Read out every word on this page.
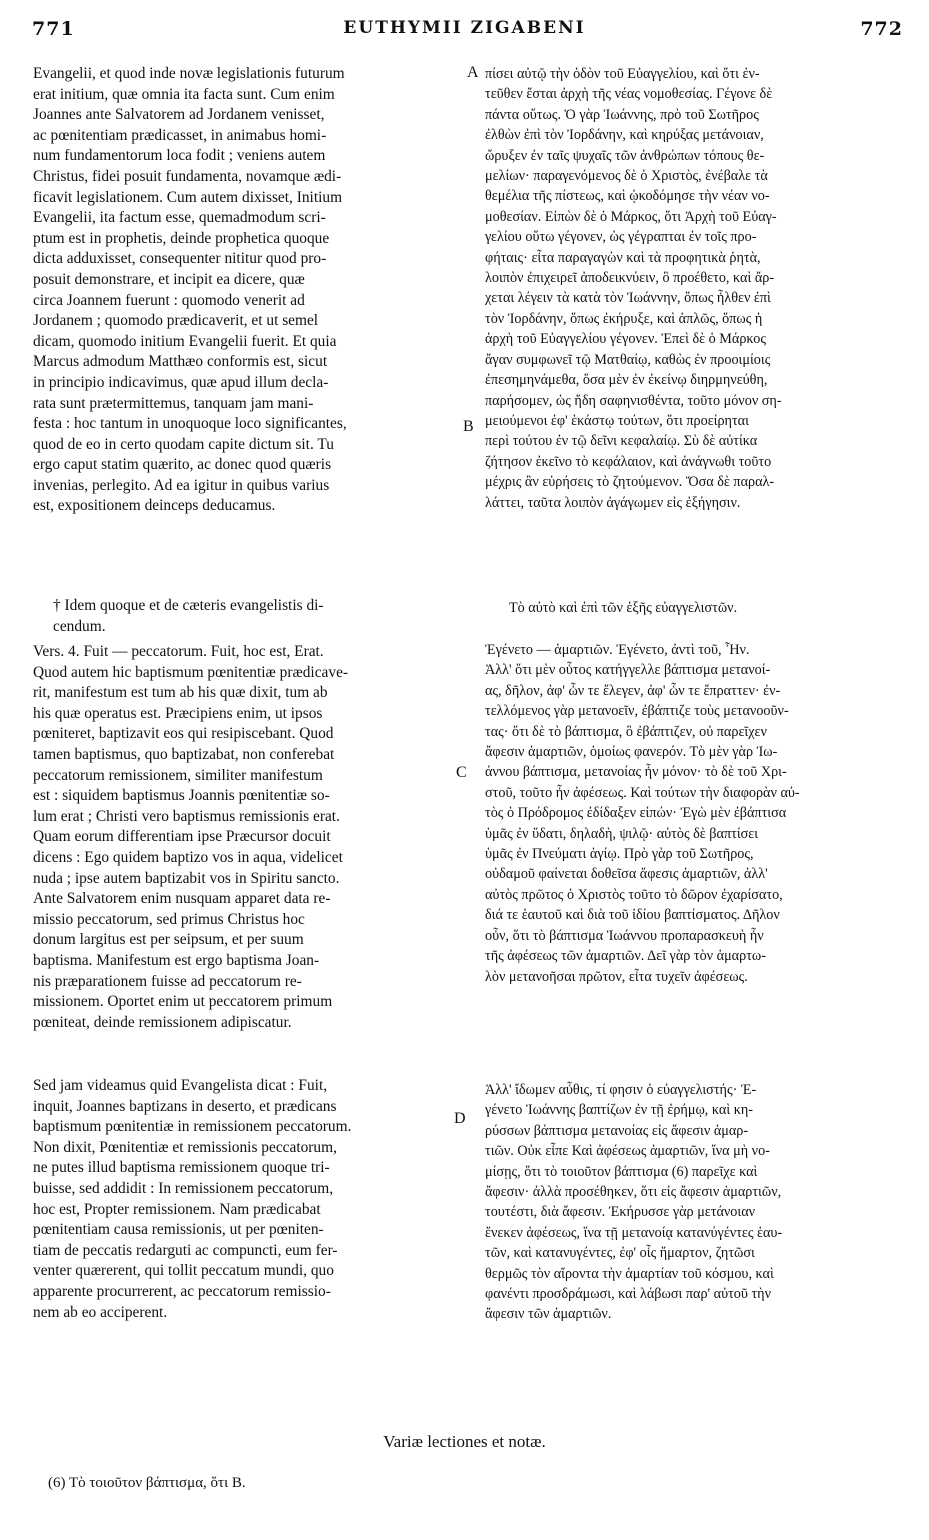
771	EUTHYMII ZIGABENI	772
Evangelii, et quod inde novæ legislationis futurum
erat initium, quæ omnia ita facta sunt. Cum enim
Joannes ante Salvatorem ad Jordanem venisset,
ac pœnitentiam prædicasset, in animabus homi-
num fundamentorum loca fodit ; veniens autem
Christus, fidei posuit fundamenta, novamque ædi-
ficavit legislationem. Cum autem dixisset, Initium
Evangelii, ita factum esse, quemadmodum scri-
ptum est in prophetis, deinde prophetica quoque
dicta adduxisset, consequenter nititur quod pro-
posuit demonstrare, et incipit ea dicere, quæ
circa Joannem fuerunt : quomodo venerit ad
Jordanem ; quomodo prædicaverit, et ut semel
dicam, quomodo initium Evangelii fuerit. Et quia
Marcus admodum Matthæo conformis est, sicut
in principio indicavimus, quæ apud illum decla-
rata sunt prætermittemus, tanquam jam mani-
festa : hoc tantum in unoquoque loco significantes,
quod de eo in certo quodam capite dictum sit. Tu
ergo caput statim quærito, ac donec quod quæris
invenias, perlegito. Ad ea igitur in quibus varius
est, expositionem deinceps deducamus.
† Idem quoque et de cæteris evangelistis di-
cendum.
Vers. 4. Fuit — peccatorum. Fuit, hoc est, Erat.
Quod autem hic baptismum pœnitentiæ prædicave-
rit, manifestum est tum ab his quæ dixit, tum ab
his quæ operatus est. Præcipiens enim, ut ipsos
pœniteret, baptizavit eos qui resipiscebant. Quod
tamen baptismus, quo baptizabat, non conferebat
peccatorum remissionem, similiter manifestum
est : siquidem baptismus Joannis pœnitentiæ so-
lum erat ; Christi vero baptismus remissionis erat.
Quam eorum differentiam ipse Præcursor docuit
dicens : Ego quidem baptizo vos in aqua, videlicet
nuda ; ipse autem baptizabit vos in Spiritu sancto.
Ante Salvatorem enim nusquam apparet data re-
missio peccatorum, sed primus Christus hoc
donum largitus est per seipsum, et per suum
baptisma. Manifestum est ergo baptisma Joan-
nis præparationem fuisse ad peccatorum re-
missionem. Oportet enim ut peccatorem primum
pœniteat, deinde remissionem adipiscatur.
Sed jam videamus quid Evangelista dicat : Fuit,
inquit, Joannes baptizans in deserto, et prædicans
baptismum pœnitentiæ in remissionem peccatorum.
Non dixit, Pœnitentiæ et remissionis peccatorum,
ne putes illud baptisma remissionem quoque tri-
buisse, sed addidit : In remissionem peccatorum,
hoc est, Propter remissionem. Nam prædicabat
pœnitentiam causa remissionis, ut per pœniten-
tiam de peccatis redarguti ac compuncti, eum fer-
venter quærerent, qui tollit peccatum mundi, quo
apparente procurrerent, ac peccatorum remissio-
nem ab eo acciperent.
πίσει αὐτῷ τὴν ὁδὸν τοῦ Εὐαγγελίου, καὶ ὅτι ἐν-
τεῦθεν ἔσται ἀρχὴ τῆς νέας νομοθεσίας. Γέγονε δὲ
πάντα οὕτως. Ὁ γὰρ Ἰωάννης, πρὸ τοῦ Σωτῆρος
ἐλθὼν ἐπὶ τὸν Ἰορδάνην, καὶ κηρύξας μετάνοιαν,
ὤρυξεν ἐν ταῖς ψυχαῖς τῶν ἀνθρώπων τόπους θε-
μελίων· παραγενόμενος δὲ ὁ Χριστὸς, ἐνέβαλε τὰ
θεμέλια τῆς πίστεως, καὶ ᾠκοδόμησε τὴν νέαν νο-
μοθεσίαν. Εἰπὼν δὲ ὁ Μάρκος, ὅτι Ἀρχὴ τοῦ Εὐαγ-
γελίου οὕτω γέγονεν, ὡς γέγραπται ἐν τοῖς προ-
φήταις· εἶτα παραγαγὼν καὶ τὰ προφητικὰ ῥητὰ,
λοιπὸν ἐπιχειρεῖ ἀποδεικνύειν, ὃ προέθετο, καὶ ἄρ-
χεται λέγειν τὰ κατὰ τὸν Ἰωάννην, ὅπως ἦλθεν ἐπὶ
τὸν Ἰορδάνην, ὅπως ἐκήρυξε, καὶ ἁπλῶς, ὅπως ἡ
ἀρχὴ τοῦ Εὐαγγελίου γέγονεν. Ἐπεὶ δὲ ὁ Μάρκος
ἄγαν συμφωνεῖ τῷ Ματθαίῳ, καθὼς ἐν προοιμίοις
ἐπεσημηνάμεθα, ὅσα μὲν ἐν ἐκείνῳ διηρμηνεύθη,
παρήσομεν, ὡς ἤδη σαφηνισθέντα, τοῦτο μόνον ση-
μειούμενοι ἐφ' ἑκάστῳ τούτων, ὅτι προείρηται
περὶ τούτου ἐν τῷ δεῖνι κεφαλαίῳ. Σὺ δὲ αὐτίκα
ζήτησον ἐκεῖνο τὸ κεφάλαιον, καὶ ἀνάγνωθι τοῦτο
μέχρις ἂν εὑρήσεις τὸ ζητούμενον. Ὅσα δὲ παραλ-
λάττει, ταῦτα λοιπὸν ἀγάγωμεν εἰς ἐξήγησιν.
Τὸ αὐτὸ καὶ ἐπὶ τῶν ἑξῆς εὐαγγελιστῶν.
Ἐγένετο — ἁμαρτιῶν. Ἐγένετο, ἀντὶ τοῦ, Ἦν.
Ἀλλ' ὅτι μὲν οὗτος κατήγγελλε βάπτισμα μετανοί-
ας, δῆλον, ἀφ' ὧν τε ἔλεγεν, ἀφ' ὧν τε ἔπραττεν· ἐν-
τελλόμενος γὰρ μετανοεῖν, ἐβάπτιζε τοὺς μετανοοῦν-
τας· ὅτι δὲ τὸ βάπτισμα, ὃ ἐβάπτιζεν, οὐ παρεῖχεν
ἄφεσιν ἁμαρτιῶν, ὁμοίως φανερόν. Τὸ μὲν γὰρ Ἰω-
άννου βάπτισμα, μετανοίας ἦν μόνον· τὸ δὲ τοῦ Χρι-
στοῦ, τοῦτο ἦν ἀφέσεως. Καὶ τούτων τὴν διαφορὰν αὐ-
τὸς ὁ Πρόδρομος ἐδίδαξεν εἰπών· Ἐγὼ μὲν ἐβάπτισα
ὑμᾶς ἐν ὕδατι, δηλαδὴ, ψιλῷ· αὐτὸς δὲ βαπτίσει
ὑμᾶς ἐν Πνεύματι ἁγίῳ. Πρὸ γὰρ τοῦ Σωτῆρος,
οὐδαμοῦ φαίνεται δοθεῖσα ἄφεσις ἁμαρτιῶν, ἀλλ'
αὐτὸς πρῶτος ὁ Χριστὸς τοῦτο τὸ δῶρον ἐχαρίσατο,
διά τε ἑαυτοῦ καὶ διὰ τοῦ ἰδίου βαπτίσματος. Δῆλον
οὖν, ὅτι τὸ βάπτισμα Ἰωάννου προπαρασκευὴ ἦν
τῆς ἀφέσεως τῶν ἁμαρτιῶν. Δεῖ γὰρ τὸν ἁμαρτω-
λὸν μετανοῆσαι πρῶτον, εἶτα τυχεῖν ἀφέσεως.
Ἀλλ' ἴδωμεν αὖθις, τί φησιν ὁ εὐαγγελιστής· Ἐ-
γένετο Ἰωάννης βαπτίζων ἐν τῇ ἐρήμῳ, καὶ κη-
ρύσσων βάπτισμα μετανοίας εἰς ἄφεσιν ἁμαρ-
τιῶν. Οὐκ εἶπε Καὶ ἀφέσεως ἁμαρτιῶν, ἵνα μὴ νο-
μίσῃς, ὅτι τὸ τοιοῦτον βάπτισμα (6) παρεῖχε καὶ
ἄφεσιν· ἀλλὰ προσέθηκεν, ὅτι εἰς ἄφεσιν ἁμαρτιῶν,
τουτέστι, διὰ ἄφεσιν. Ἐκήρυσσε γὰρ μετάνοιαν
ἕνεκεν ἀφέσεως, ἵνα τῇ μετανοίᾳ κατανύγέντες ἑαυ-
τῶν, καὶ κατανυγέντες, ἐφ' οἷς ἥμαρτον, ζητῶσι
θερμῶς τὸν αἴροντα τὴν ἁμαρτίαν τοῦ κόσμου, καὶ
φανέντι προσδράμωσι, καὶ λάβωσι παρ' αὐτοῦ τὴν
ἄφεσιν τῶν ἁμαρτιῶν.
A
B
C
D
Variæ lectiones et notæ.
(6) Τὸ τοιοῦτον βάπτισμα, ὅτι B.
